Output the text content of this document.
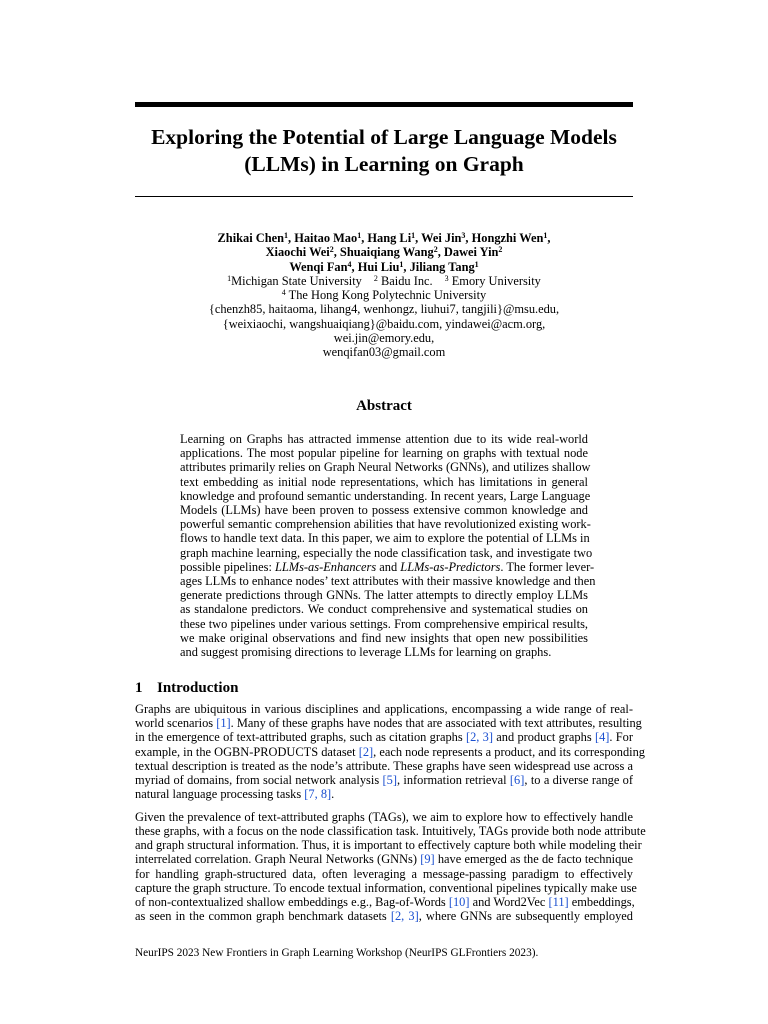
Exploring the Potential of Large Language Models
(LLMs) in Learning on Graph
Zhikai Chen$^1$, Haitao Mao$^1$, Hang Li$^1$, Wei Jin$^3$, Hongzhi Wen$^1$,
Xiaochi Wei$^2$, Shuaiqiang Wang$^2$, Dawei Yin$^2$
Wenqi Fan$^4$, Hui Liu$^1$, Jiliang Tang$^1$
$^1$Michigan State University $^2$ Baidu Inc. $^3$ Emory University
$^4$ The Hong Kong Polytechnic University
{chenzh85, haitaoma, lihang4, wenhongz, liuhui7, tangjili}@msu.edu,
{weixiaochi, wangshuaiqiang}@baidu.com, yindawei@acm.org,
wei.jin@emory.edu,
wenqifan03@gmail.com
Abstract
Learning on Graphs has attracted immense attention due to its wide real-world
applications. The most popular pipeline for learning on graphs with textual node
attributes primarily relies on Graph Neural Networks (GNNs), and utilizes shallow
text embedding as initial node representations, which has limitations in general
knowledge and profound semantic understanding. In recent years, Large Language
Models (LLMs) have been proven to possess extensive common knowledge and
powerful semantic comprehension abilities that have revolutionized existing work-
flows to handle text data. In this paper, we aim to explore the potential of LLMs in
graph machine learning, especially the node classification task, and investigate two
possible pipelines: LLMs-as-Enhancers and LLMs-as-Predictors. The former lever-
ages LLMs to enhance nodes’ text attributes with their massive knowledge and then
generate predictions through GNNs. The latter attempts to directly employ LLMs
as standalone predictors. We conduct comprehensive and systematical studies on
these two pipelines under various settings. From comprehensive empirical results,
we make original observations and find new insights that open new possibilities
and suggest promising directions to leverage LLMs for learning on graphs.
1 Introduction
Graphs are ubiquitous in various disciplines and applications, encompassing a wide range of real-
world scenarios [1]. Many of these graphs have nodes that are associated with text attributes, resulting
in the emergence of text-attributed graphs, such as citation graphs [2, 3] and product graphs [4]. For
example, in the OGBN-PRODUCTS dataset [2], each node represents a product, and its corresponding
textual description is treated as the node’s attribute. These graphs have seen widespread use across a
myriad of domains, from social network analysis [5], information retrieval [6], to a diverse range of
natural language processing tasks [7, 8].
Given the prevalence of text-attributed graphs (TAGs), we aim to explore how to effectively handle
these graphs, with a focus on the node classification task. Intuitively, TAGs provide both node attribute
and graph structural information. Thus, it is important to effectively capture both while modeling their
interrelated correlation. Graph Neural Networks (GNNs) [9] have emerged as the de facto technique
for handling graph-structured data, often leveraging a message-passing paradigm to effectively
capture the graph structure. To encode textual information, conventional pipelines typically make use
of non-contextualized shallow embeddings e.g., Bag-of-Words [10] and Word2Vec [11] embeddings,
as seen in the common graph benchmark datasets [2, 3], where GNNs are subsequently employed
NeurIPS 2023 New Frontiers in Graph Learning Workshop (NeurIPS GLFrontiers 2023).
